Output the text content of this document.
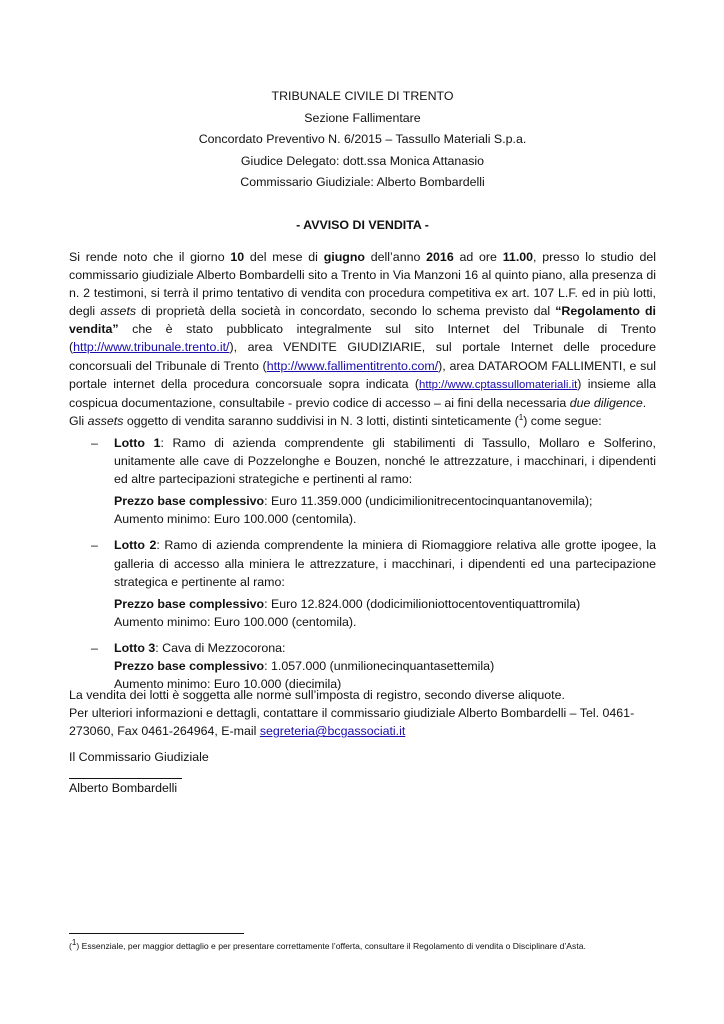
TRIBUNALE CIVILE DI TRENTO
Sezione Fallimentare
Concordato Preventivo N. 6/2015 – Tassullo Materiali S.p.a.
Giudice Delegato: dott.ssa Monica Attanasio
Commissario Giudiziale: Alberto Bombardelli
- AVVISO DI VENDITA -

Si rende noto che il giorno 10 del mese di giugno dell’anno 2016 ad ore 11.00, presso lo studio del commissario giudiziale Alberto Bombardelli sito a Trento in Via Manzoni 16 al quinto piano, alla presenza di n. 2 testimoni, si terrà il primo tentativo di vendita con procedura competitiva ex art. 107 L.F. ed in più lotti, degli assets di proprietà della società in concordato, secondo lo schema previsto dal “Regolamento di vendita” che è stato pubblicato integralmente sul sito Internet del Tribunale di Trento (http://www.tribunale.trento.it/), area VENDITE GIUDIZIARIE, sul portale Internet delle procedure concorsuali del Tribunale di Trento (http://www.fallimentitrento.com/), area DATAROOM FALLIMENTI, e sul portale internet della procedura concorsuale sopra indicata (http://www.cptassullomateriali.it) insieme alla cospicua documentazione, consultabile - previo codice di accesso – ai fini della necessaria due diligence.

Gli assets oggetto di vendita saranno suddivisi in N. 3 lotti, distinti sinteticamente ($^1$) come segue:

‒ Lotto 1: Ramo di azienda comprendente gli stabilimenti di Tassullo, Mollaro e Solferino, unitamente alle cave di Pozzelonghe e Bouzen, nonché le attrezzature, i macchinari, i dipendenti ed altre partecipazioni strategiche e pertinenti al ramo:

Prezzo base complessivo: Euro 11.359.000 (undicimilionitrecentocinquantanovemila);

Aumento minimo: Euro 100.000 (centomila).

‒ Lotto 2: Ramo di azienda comprendente la miniera di Riomaggiore relativa alle grotte ipogee, la galleria di accesso alla miniera le attrezzature, i macchinari, i dipendenti ed una partecipazione strategica e pertinente al ramo:

Prezzo base complessivo: Euro 12.824.000 (dodicimilioniottocentoventiquattromila)

Aumento minimo: Euro 100.000 (centomila).

‒ Lotto 3: Cava di Mezzocorona:

Prezzo base complessivo: 1.057.000 (unmilionecinquantasettemila)

Aumento minimo: Euro 10.000 (diecimila)

La vendita dei lotti è soggetta alle norme sull’imposta di registro, secondo diverse aliquote.

Per ulteriori informazioni e dettagli, contattare il commissario giudiziale Alberto Bombardelli – Tel. 0461-273060, Fax 0461-264964, E-mail segreteria@bcgassociati.it

Il Commissario Giudiziale
Alberto Bombardelli
($^1$) Essenziale, per maggior dettaglio e per presentare correttamente l’offerta, consultare il Regolamento di vendita o Disciplinare d’Asta.
